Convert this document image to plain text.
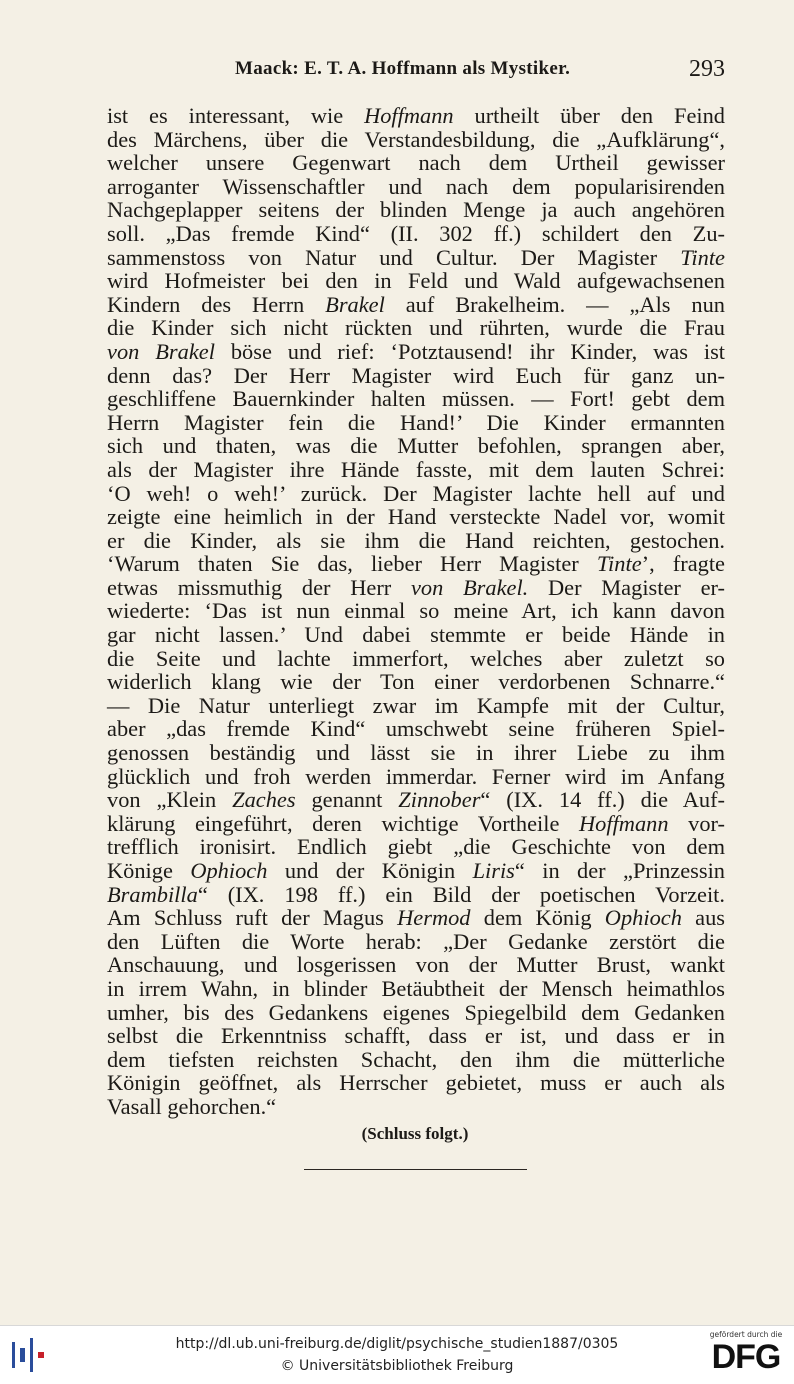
Maack: E. T. A. Hoffmann als Mystiker.	293
ist es interessant, wie Hoffmann urtheilt über den Feind
des Märchens, über die Verstandesbildung, die „Aufklärung“,
welcher unsere Gegenwart nach dem Urtheil gewisser
arroganter Wissenschaftler und nach dem popularisirenden
Nachgeplapper seitens der blinden Menge ja auch angehören
soll. „Das fremde Kind“ (II. 302 ff.) schildert den Zu-
sammenstoss von Natur und Cultur. Der Magister Tinte
wird Hofmeister bei den in Feld und Wald aufgewachsenen
Kindern des Herrn Brakel auf Brakelheim. — „Als nun
die Kinder sich nicht rückten und rührten, wurde die Frau
von Brakel böse und rief: ‘Potztausend! ihr Kinder, was ist
denn das? Der Herr Magister wird Euch für ganz un-
geschliffene Bauernkinder halten müssen. — Fort! gebt dem
Herrn Magister fein die Hand!’ Die Kinder ermannten
sich und thaten, was die Mutter befohlen, sprangen aber,
als der Magister ihre Hände fasste, mit dem lauten Schrei:
‘O weh! o weh!’ zurück. Der Magister lachte hell auf und
zeigte eine heimlich in der Hand versteckte Nadel vor, womit
er die Kinder, als sie ihm die Hand reichten, gestochen.
‘Warum thaten Sie das, lieber Herr Magister Tinte’, fragte
etwas missmuthig der Herr von Brakel. Der Magister er-
wiederte: ‘Das ist nun einmal so meine Art, ich kann davon
gar nicht lassen.’ Und dabei stemmte er beide Hände in
die Seite und lachte immerfort, welches aber zuletzt so
widerlich klang wie der Ton einer verdorbenen Schnarre.“
— Die Natur unterliegt zwar im Kampfe mit der Cultur,
aber „das fremde Kind“ umschwebt seine früheren Spiel-
genossen beständig und lässt sie in ihrer Liebe zu ihm
glücklich und froh werden immerdar. Ferner wird im Anfang
von „Klein Zaches genannt Zinnober“ (IX. 14 ff.) die Auf-
klärung eingeführt, deren wichtige Vortheile Hoffmann vor-
trefflich ironisirt. Endlich giebt „die Geschichte von dem
Könige Ophioch und der Königin Liris“ in der „Prinzessin
Brambilla“ (IX. 198 ff.) ein Bild der poetischen Vorzeit.
Am Schluss ruft der Magus Hermod dem König Ophioch aus
den Lüften die Worte herab: „Der Gedanke zerstört die
Anschauung, und losgerissen von der Mutter Brust, wankt
in irrem Wahn, in blinder Betäubtheit der Mensch heimathlos
umher, bis des Gedankens eigenes Spiegelbild dem Gedanken
selbst die Erkenntniss schafft, dass er ist, und dass er in
dem tiefsten reichsten Schacht, den ihm die mütterliche
Königin geöffnet, als Herrscher gebietet, muss er auch als
Vasall gehorchen.“
(Schluss folgt.)
http://dl.ub.uni-freiburg.de/diglit/psychische_studien1887/0305
© Universitätsbibliothek Freiburg
gefördert durch die
DFG
